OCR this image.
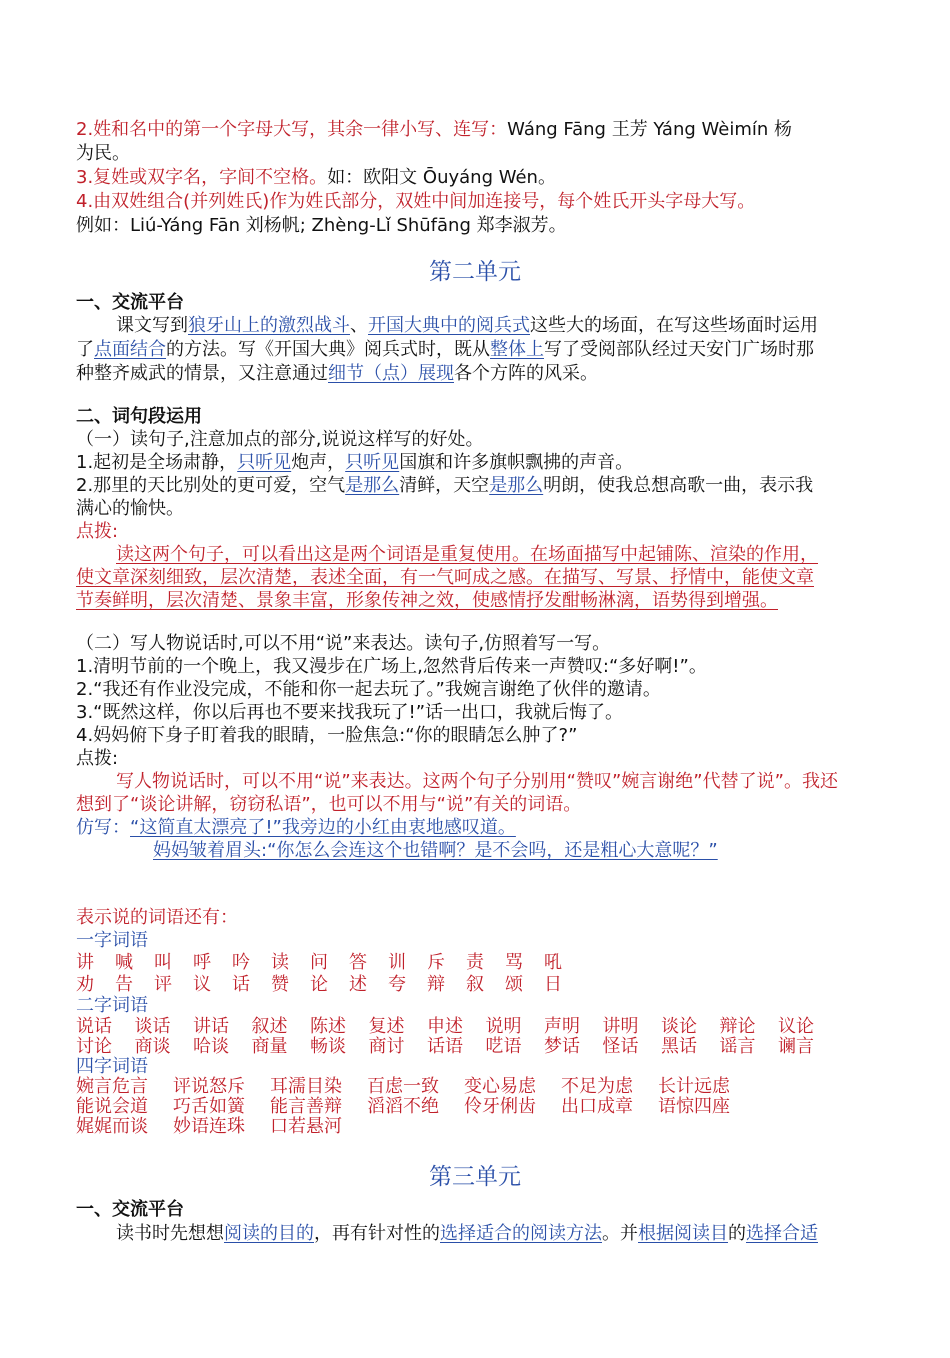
2.姓和名中的第一个字母大写，其余一律小写、连写：Wáng Fāng 王芳 Yáng Wèimín 杨
为民。
3.复姓或双字名，字间不空格。如：欧阳文 Ōuyáng Wén。
4.由双姓组合(并列姓氏)作为姓氏部分，双姓中间加连接号，每个姓氏开头字母大写。
例如：Liú-Yáng Fān 刘杨帆; Zhèng-Lǐ Shūfāng 郑李淑芳。
第二单元
一、交流平台
课文写到狼牙山上的激烈战斗、开国大典中的阅兵式这些大的场面，在写这些场面时运用
了点面结合的方法。写《开国大典》阅兵式时，既从整体上写了受阅部队经过天安门广场时那
种整齐威武的情景，又注意通过细节（点）展现各个方阵的风采。
二、词句段运用
（一）读句子,注意加点的部分,说说这样写的好处。
1.起初是全场肃静，只听见炮声，只听见国旗和许多旗帜飘拂的声音。
2.那里的天比别处的更可爱，空气是那么清鲜，天空是那么明朗，使我总想高歌一曲，表示我
满心的愉快。
点拨:
读这两个句子，可以看出这是两个词语是重复使用。在场面描写中起铺陈、渲染的作用，
使文章深刻细致，层次清楚，表述全面，有一气呵成之感。在描写、写景、抒情中，能使文章
节奏鲜明，层次清楚、景象丰富，形象传神之效，使感情抒发酣畅淋漓，语势得到增强。
（二）写人物说话时,可以不用“说”来表达。读句子,仿照着写一写。
1.清明节前的一个晚上，我又漫步在广场上,忽然背后传来一声赞叹:“多好啊!”。
2.“我还有作业没完成，不能和你一起去玩了。”我婉言谢绝了伙伴的邀请。
3.“既然这样，你以后再也不要来找我玩了!”话一出口，我就后悔了。
4.妈妈俯下身子盯着我的眼睛，一脸焦急:“你的眼睛怎么肿了?”
点拨:
写人物说话时，可以不用“说”来表达。这两个句子分别用“赞叹”婉言谢绝”代替了说”。我还
想到了“谈论讲解，窃窃私语”，也可以不用与“说”有关的词语。
仿写：“这简直太漂亮了!”我旁边的小红由衷地感叹道。
妈妈皱着眉头:“你怎么会连这个也错啊？是不会吗，还是粗心大意呢？”
表示说的词语还有：
一字词语
讲 喊 叫 呼 吟 读 问 答 训 斥 责 骂 吼
劝 告 评 议 话 赞 论 述 夸 辩 叙 颂 日
二字词语
说话 谈话 讲话 叙述 陈述 复述 申述 说明 声明 讲明 谈论 辩论 议论
讨论 商谈 哈谈 商量 畅谈 商讨 话语 呓语 梦话 怪话 黑话 谣言 谰言
四字词语
婉言危言 评说怒斥 耳濡目染 百虑一致 变心易虑 不足为虑 长计远虑
能说会道 巧舌如簧 能言善辩 滔滔不绝 伶牙俐齿 出口成章 语惊四座
娓娓而谈 妙语连珠 口若悬河
第三单元
一、交流平台
读书时先想想阅读的目的，再有针对性的选择适合的阅读方法。并根据阅读目的选择合适
